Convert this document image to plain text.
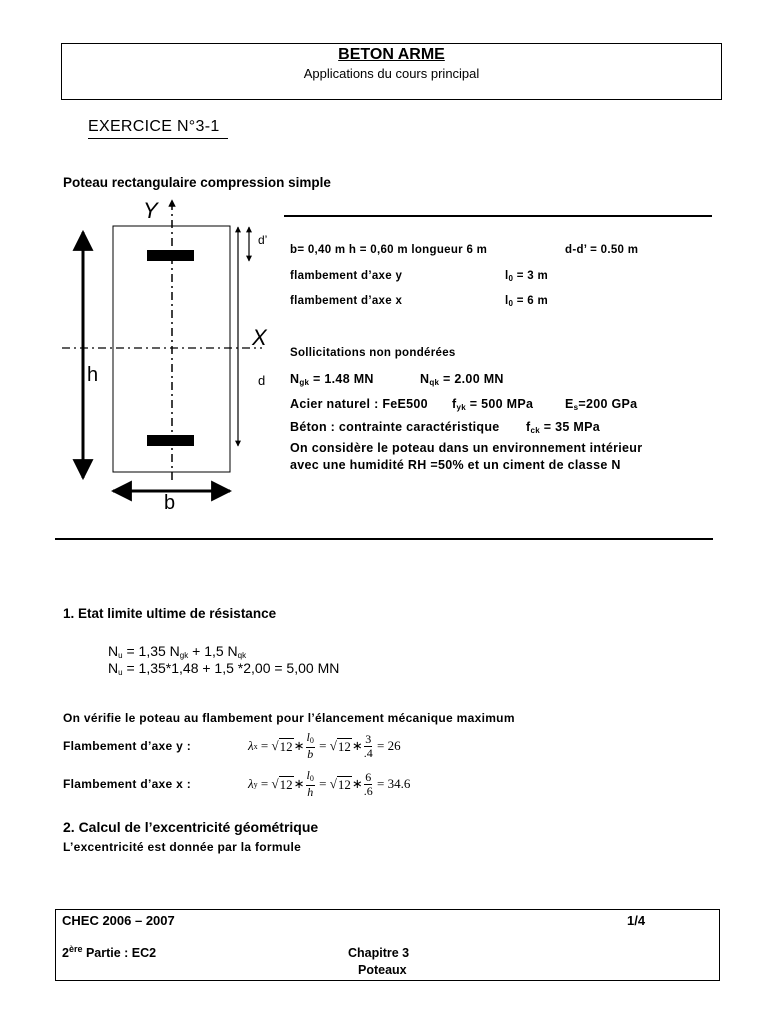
BETON ARME
Applications du cours principal
EXERCICE N°3-1
Poteau rectangulaire compression simple
Y
X
h
b
d’
d
b= 0,40 m h = 0,60 m longueur 6 m	d-d’ = 0.50 m
flambement d’axe y	$l_0 = 3$ m
flambement d’axe x	$l_0 = 6$ m
Sollicitations non pondérées
$N_{gk} = 1.48$ MN	$N_{qk} = 2.00$ MN
Acier naturel : FeE500 $f_{yk} = 500$ MPa	$E_s=200$ GPa
Béton : contrainte caractéristique $f_{ck} = 35$ MPa
On considère le poteau dans un environnement intérieur
avec une humidité RH =50% et un ciment de classe N
1. Etat limite ultime de résistance
$N_u = 1,35$ $N_{gk} + 1,5$ $N_{qk}$
$N_u = 1,35*1,48 + 1,5$ *2,00 = 5,00 MN
On vérifie le poteau au flambement pour l’élancement mécanique maximum
Flambement d’axe y :	λ x = √ 12 ∗ $\frac{l_0}{b}$ = √ 12 ∗ $\frac{3}{.4} = 26$
Flambement d’axe x :	λ y = √ 12 ∗ $\frac{l_0}{h}$ = √ 12 ∗ $\frac{6}{.6} = 34.6$
2. Calcul de l’excentricité géométrique
L’excentricité est donnée par la formule
CHEC 2006 – 2007	1/4
2ère Partie : EC2	Chapitre 3
Poteaux
